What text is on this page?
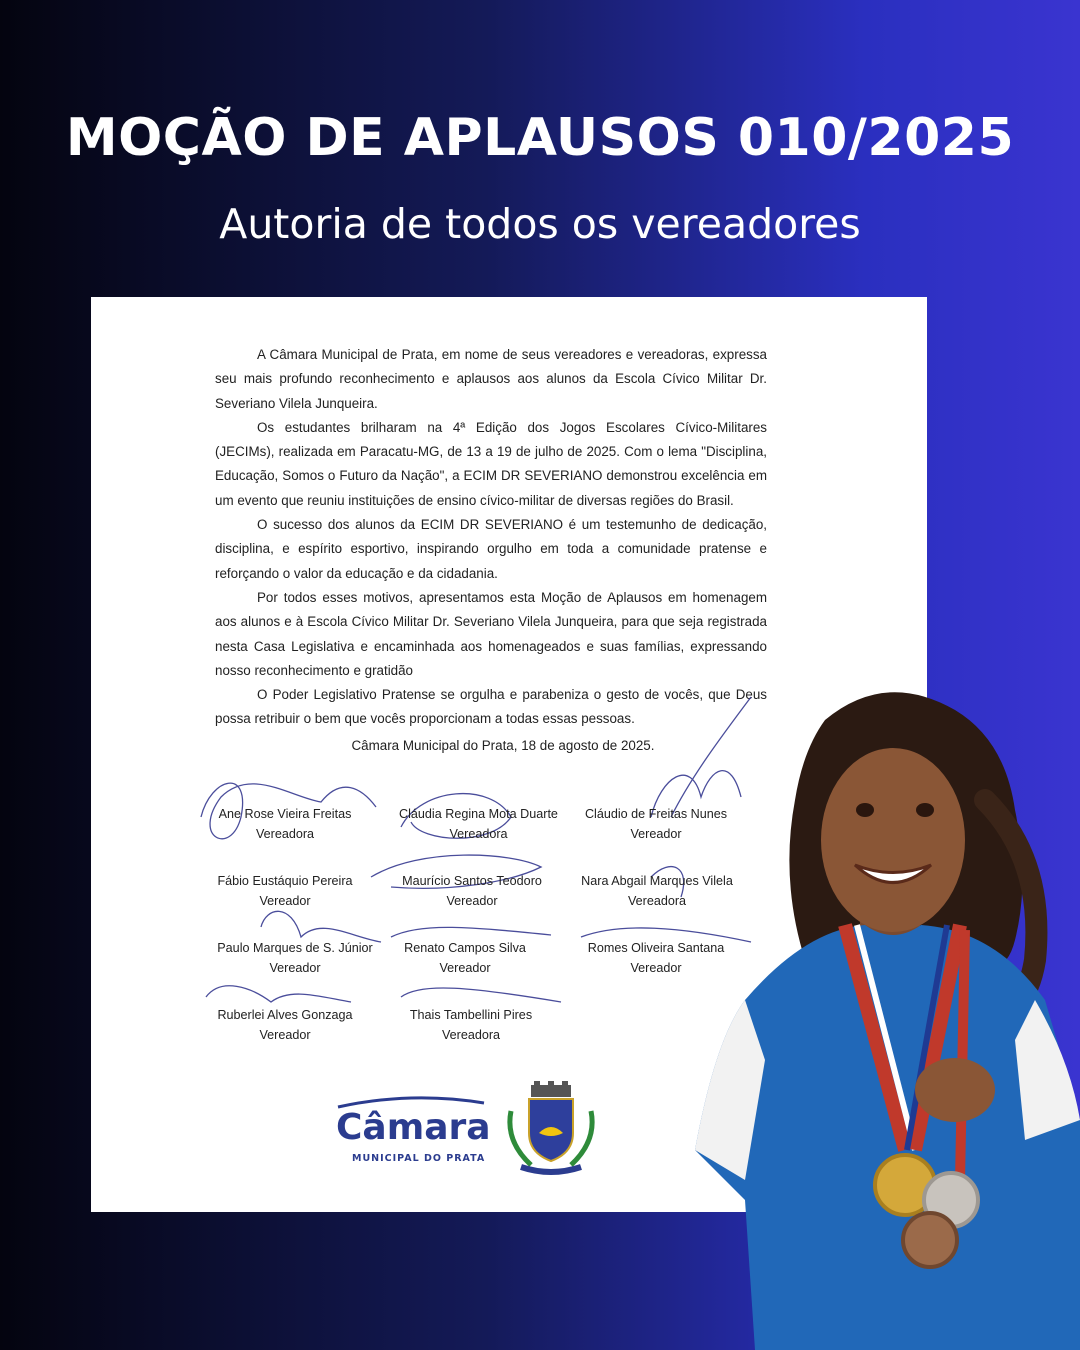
MOÇÃO DE APLAUSOS 010/2025
Autoria de todos os vereadores

A Câmara Municipal de Prata, em nome de seus vereadores e vereadoras, expressa seu mais profundo reconhecimento e aplausos aos alunos da Escola Cívico Militar Dr. Severiano Vilela Junqueira.

Os estudantes brilharam na 4ª Edição dos Jogos Escolares Cívico-Militares (JECIMs), realizada em Paracatu-MG, de 13 a 19 de julho de 2025. Com o lema "Disciplina, Educação, Somos o Futuro da Nação", a ECIM DR SEVERIANO demonstrou excelência em um evento que reuniu instituições de ensino cívico-militar de diversas regiões do Brasil.

O sucesso dos alunos da ECIM DR SEVERIANO é um testemunho de dedicação, disciplina, e espírito esportivo, inspirando orgulho em toda a comunidade pratense e reforçando o valor da educação e da cidadania.

Por todos esses motivos, apresentamos esta Moção de Aplausos em homenagem aos alunos e à Escola Cívico Militar Dr. Severiano Vilela Junqueira, para que seja registrada nesta Casa Legislativa e encaminhada aos homenageados e suas famílias, expressando nosso reconhecimento e gratidão

O Poder Legislativo Pratense se orgulha e parabeniza o gesto de vocês, que Deus possa retribuir o bem que vocês proporcionam a todas essas pessoas.

Câmara Municipal do Prata, 18 de agosto de 2025.

Ane Rose Vieira Freitas
Vereadora
Cláudia Regina Mota Duarte
Vereadora
Cláudio de Freitas Nunes
Vereador
Fábio Eustáquio Pereira
Vereador
Maurício Santos Teodoro
Vereador
Nara Abgail Marques Vilela
Vereadora
Paulo Marques de S. Júnior
Vereador
Renato Campos Silva
Vereador
Romes Oliveira Santana
Vereador
Ruberlei Alves Gonzaga
Vereador
Thais Tambellini Pires
Vereadora
Câmara
MUNICIPAL DO PRATA
